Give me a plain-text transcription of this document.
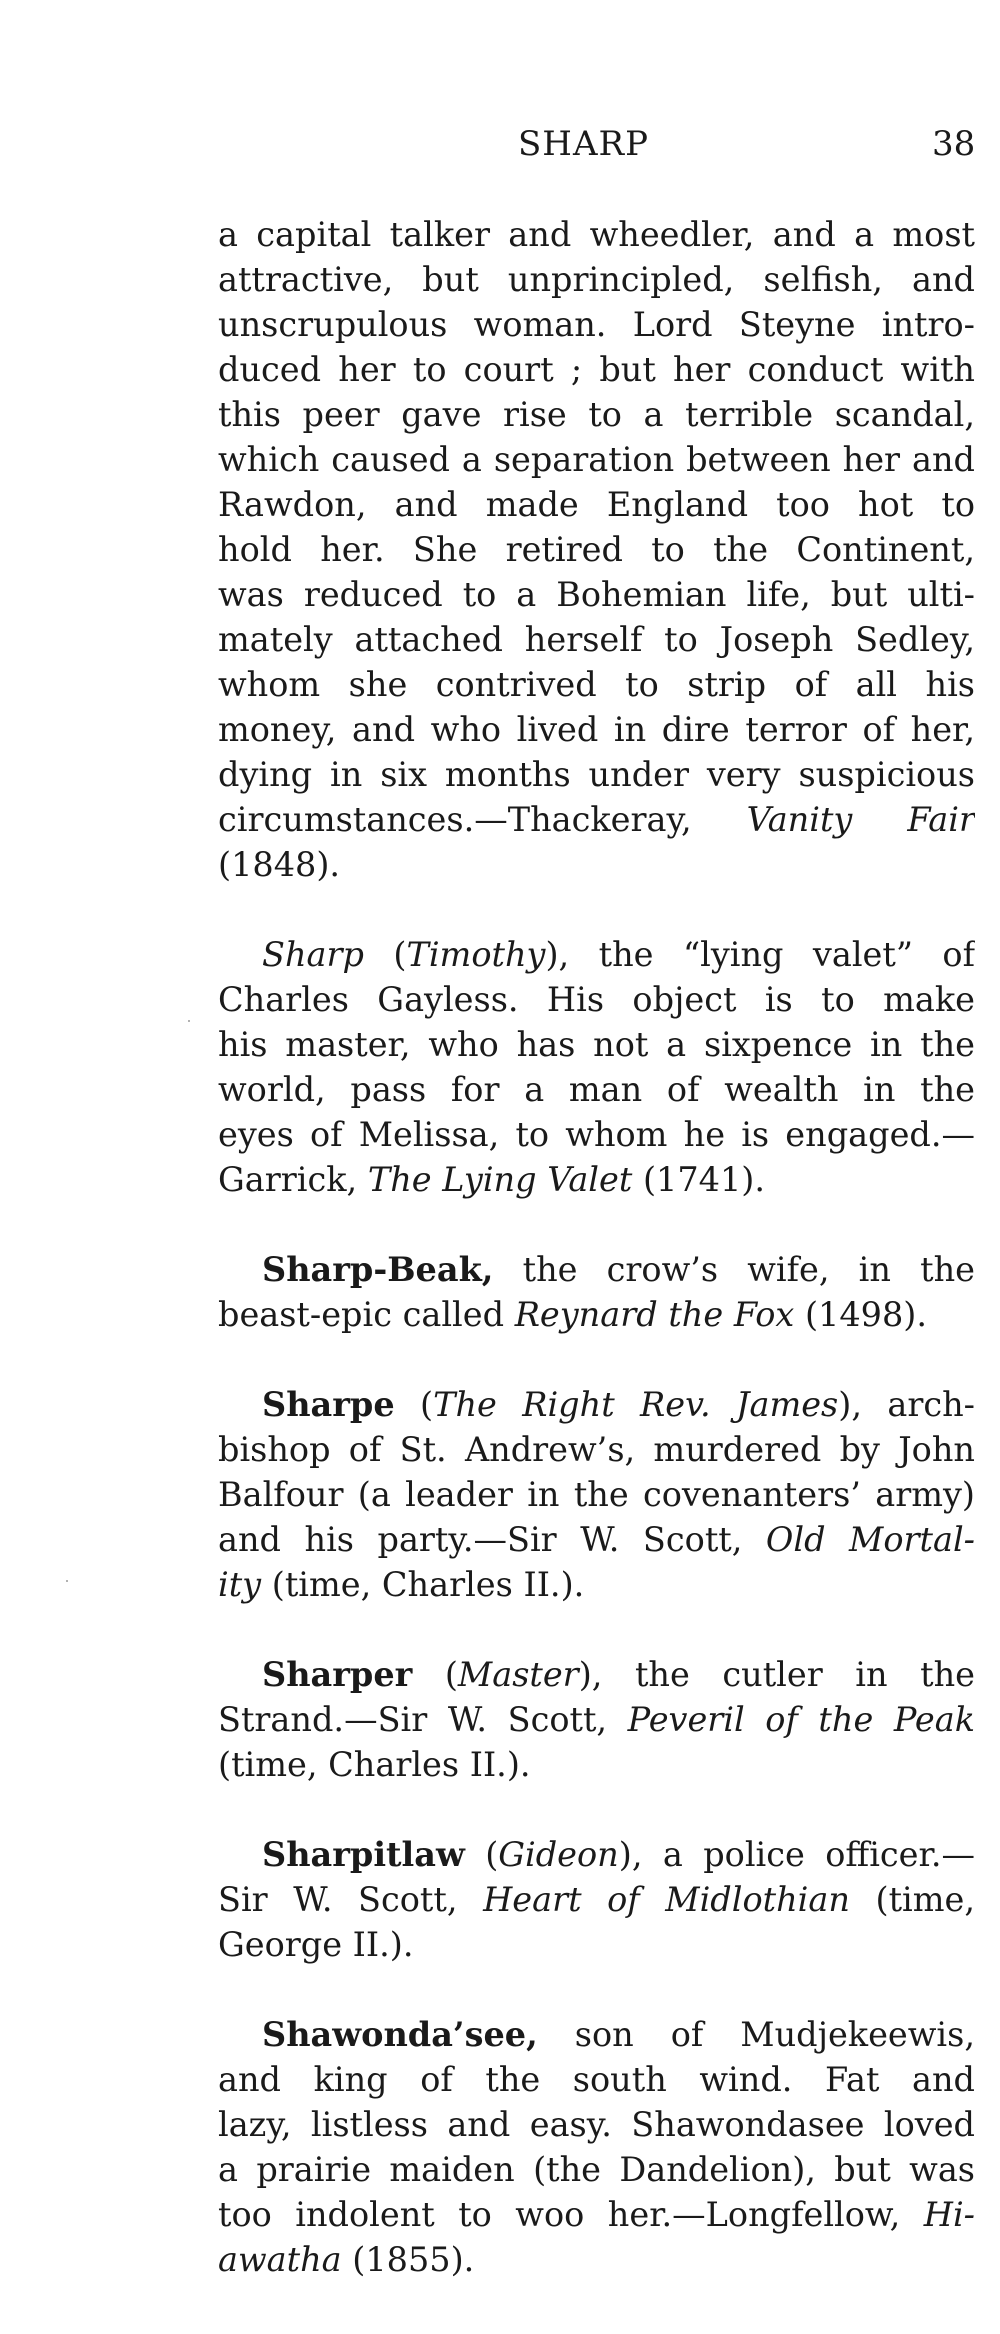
SHARP	38
a capital talker and wheedler, and a most
attractive, but unprincipled, selfish, and
unscrupulous woman. Lord Steyne intro-
duced her to court ; but her conduct with
this peer gave rise to a terrible scandal,
which caused a separation between her and
Rawdon, and made England too hot to
hold her. She retired to the Continent,
was reduced to a Bohemian life, but ulti-
mately attached herself to Joseph Sedley,
whom she contrived to strip of all his
money, and who lived in dire terror of her,
dying in six months under very suspicious
circumstances.—Thackeray, Vanity Fair
(1848).
Sharp (Timothy), the “lying valet” of
Charles Gayless. His object is to make
his master, who has not a sixpence in the
world, pass for a man of wealth in the
eyes of Melissa, to whom he is engaged.—
Garrick, The Lying Valet (1741).
Sharp-Beak, the crow’s wife, in the
beast-epic called Reynard the Fox (1498).
Sharpe (The Right Rev. James), arch-
bishop of St. Andrew’s, murdered by John
Balfour (a leader in the covenanters’ army)
and his party.—Sir W. Scott, Old Mortal-
ity (time, Charles II.).
Sharper (Master), the cutler in the
Strand.—Sir W. Scott, Peveril of the Peak
(time, Charles II.).
Sharpitlaw (Gideon), a police officer.—
Sir W. Scott, Heart of Midlothian (time,
George II.).
Shawonda’see, son of Mudjekeewis,
and king of the south wind. Fat and
lazy, listless and easy. Shawondasee loved
a prairie maiden (the Dandelion), but was
too indolent to woo her.—Longfellow, Hi-
awatha (1855).
